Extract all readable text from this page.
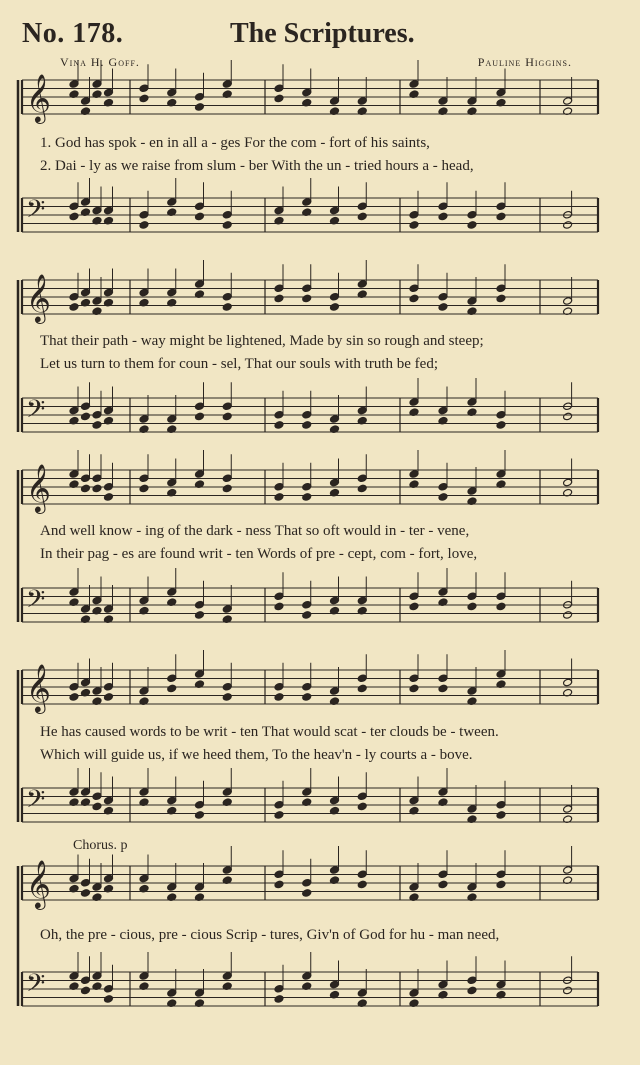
No. 178.	The Scriptures.
Vina H. Goff.	Pauline Higgins.
𝄞
𝄢
𝄞
𝄢
𝄞
𝄢
𝄞
𝄢
𝄞
𝄢
1. God has spok - en in all a - ges For the com - fort of his saints,
2. Dai - ly as we raise from slum - ber With the un - tried hours a - head,
That their path - way might be lightened, Made by sin so rough and steep;
Let us turn to them for coun - sel, That our souls with truth be fed;
And well know - ing of the dark - ness That so oft would in - ter - vene,
In their pag - es are found writ - ten Words of pre - cept, com - fort, love,
He has caused words to be writ - ten That would scat - ter clouds be - tween.
Which will guide us, if we heed them, To the heav'n - ly courts a - bove.
Chorus. p
Oh, the pre - cious, pre - cious Scrip - tures, Giv'n of God for hu - man need,
